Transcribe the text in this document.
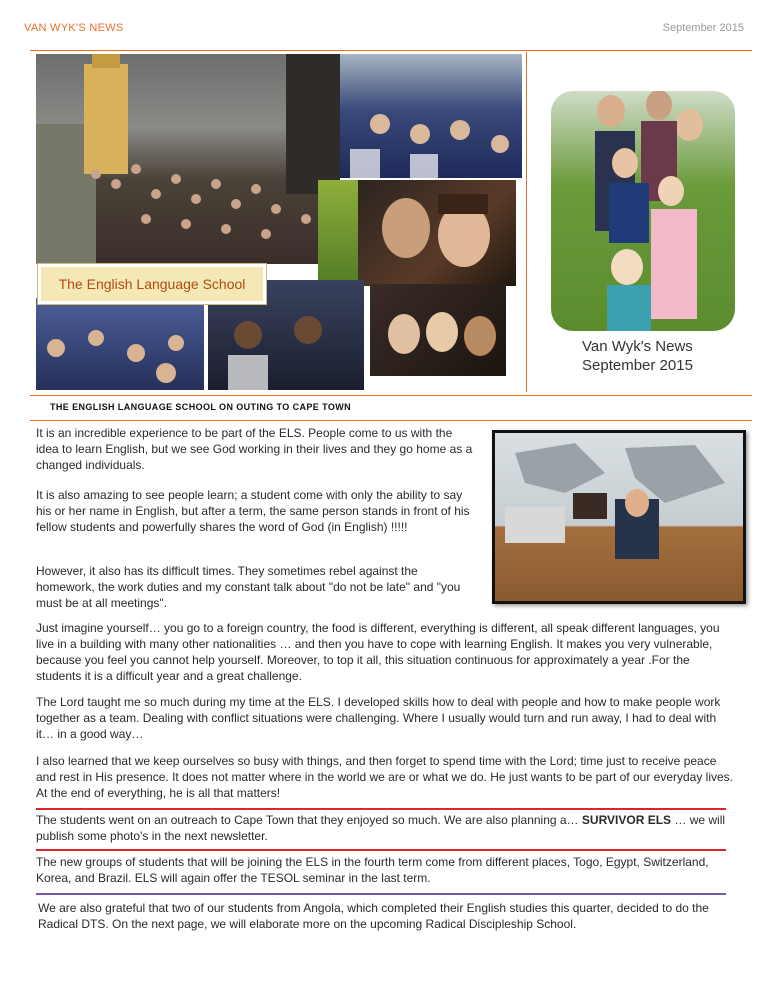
VAN WYK'S NEWS	September 2015
The English Language School
Van Wyk's News
September 2015
THE ENGLISH LANGUAGE SCHOOL ON OUTING TO CAPE TOWN
It is an incredible experience to be part of the ELS. People come to us with the idea to learn English, but we see God working in their lives and they go home as a changed individuals.
It is also amazing to see people learn; a student come with only the ability to say his or her name in English, but after a term, the same person stands in front of his fellow students and powerfully shares the word of God (in English) !!!!!
However, it also has its difficult times. They sometimes rebel against the homework, the work duties and my constant talk about "do not be late" and "you must be at all meetings".
Just imagine yourself… you go to a foreign country, the food is different, everything is different, all speak different languages, you live in a building with many other nationalities … and then you have to cope with learning English. It makes you very vulnerable, because you feel you cannot help yourself. Moreover, to top it all, this situation continuous for approximately a year .For the students it is a difficult year and a great challenge.
The Lord taught me so much during my time at the ELS. I developed skills how to deal with people and how to make people work together as a team. Dealing with conflict situations were challenging. Where I usually would turn and run away, I had to deal with it… in a good way…
I also learned that we keep ourselves so busy with things, and then forget to spend time with the Lord; time just to receive peace and rest in His presence. It does not matter where in the world we are or what we do. He just wants to be part of our everyday lives. At the end of everything, he is all that matters!
The students went on an outreach to Cape Town that they enjoyed so much. We are also planning a… SURVIVOR ELS … we will publish some photo's in the next newsletter.
The new groups of students that will be joining the ELS in the fourth term come from different places, Togo, Egypt, Switzerland, Korea, and Brazil. ELS will again offer the TESOL seminar in the last term.
We are also grateful that two of our students from Angola, which completed their English studies this quarter, decided to do the Radical DTS. On the next page, we will elaborate more on the upcoming Radical Discipleship School.
